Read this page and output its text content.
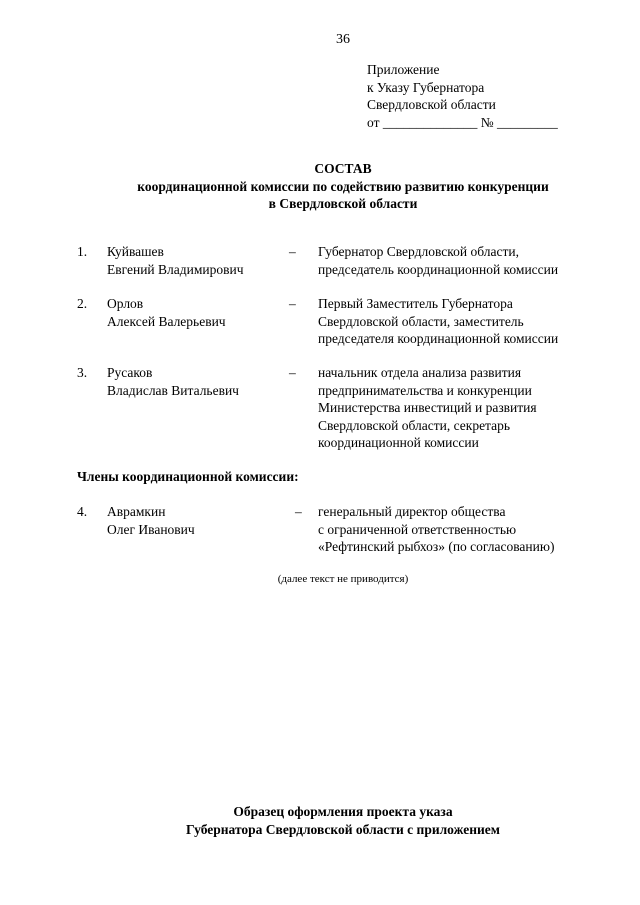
36
Приложение
к Указу Губернатора
Свердловской области
от ______________ № _________
СОСТАВ
координационной комиссии по содействию развитию конкуренции
в Свердловской области
1. Куйвашев
Евгений Владимирович
– Губернатор Свердловской области,
председатель координационной комиссии
2. Орлов
Алексей Валерьевич
– Первый Заместитель Губернатора
Свердловской области, заместитель
председателя координационной комиссии
3. Русаков
Владислав Витальевич
– начальник отдела анализа развития
предпринимательства и конкуренции
Министерства инвестиций и развития
Свердловской области, секретарь
координационной комиссии
Члены координационной комиссии:
4. Аврамкин
Олег Иванович
– генеральный директор общества
с ограниченной ответственностью
«Рефтинский рыбхоз» (по согласованию)
(далее текст не приводится)
Образец оформления проекта указа
Губернатора Свердловской области с приложением
